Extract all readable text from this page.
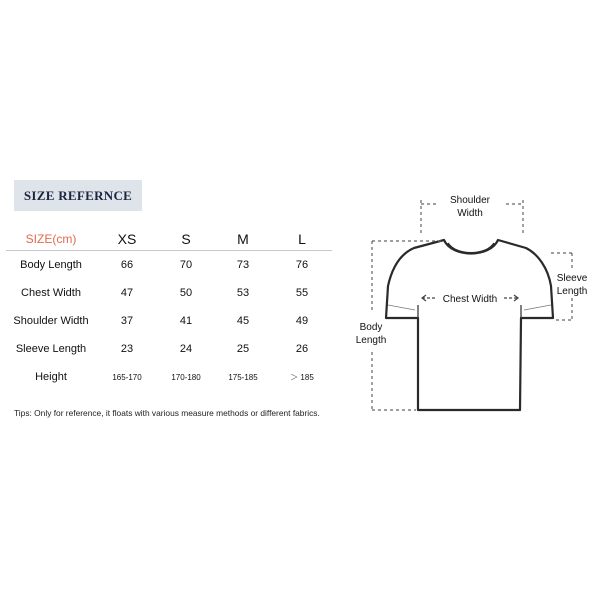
SIZE REFERNCE
SIZE(cm)	XS	S	M	L
Body Length	66	70	73	76
Chest Width	47	50	53	55
Shoulder Width	37	41	45	49
Sleeve Length	23	24	25	26
Height	165-170	170-180	175-185	＞ 185
Tips: Only for reference, it floats with various measure methods or different fabrics.
Shoulder
Width
Chest Width
Sleeve
Length
Body
Length
